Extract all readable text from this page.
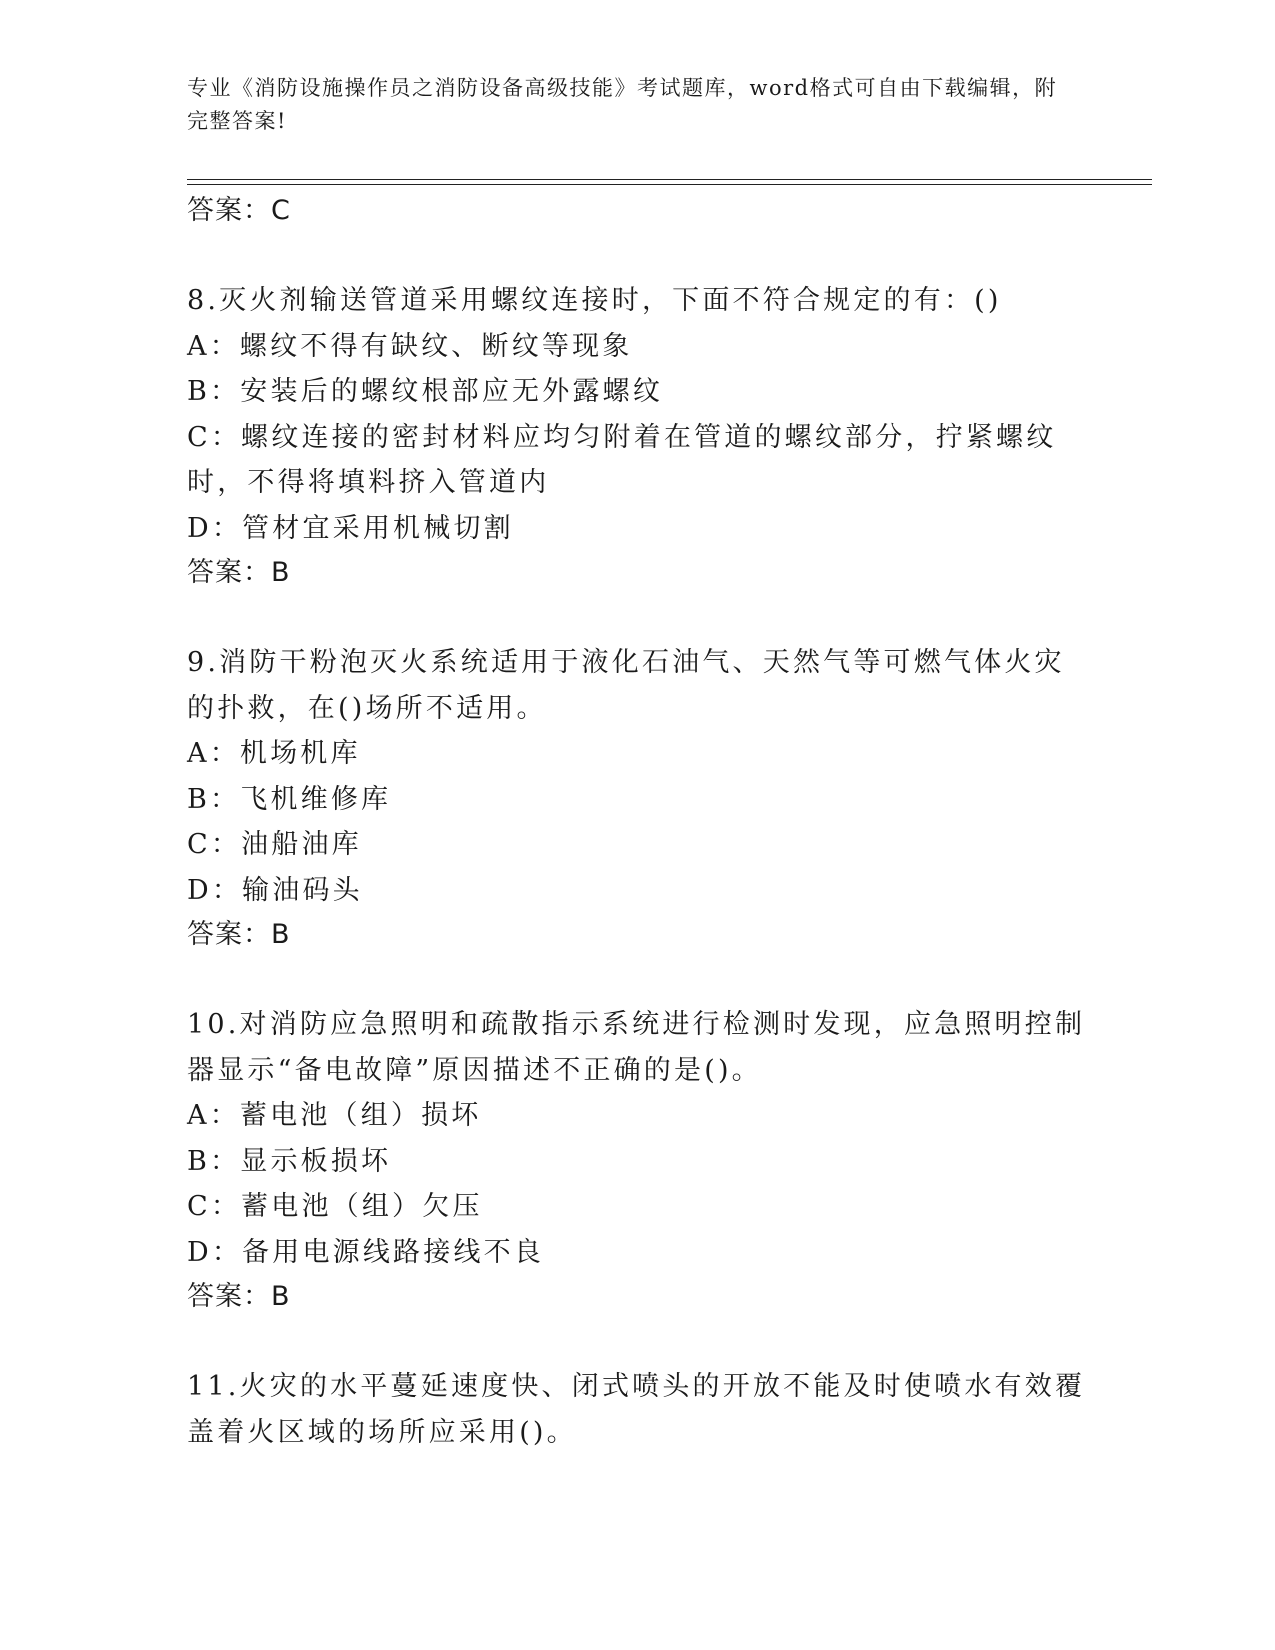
专业《消防设施操作员之消防设备高级技能》考试题库，word格式可自由下载编辑，附完整答案!
答案：C

8.灭火剂输送管道采用螺纹连接时，下面不符合规定的有：()

A：螺纹不得有缺纹、断纹等现象

B：安装后的螺纹根部应无外露螺纹

C：螺纹连接的密封材料应均匀附着在管道的螺纹部分，拧紧螺纹时，不得将填料挤入管道内

D：管材宜采用机械切割

答案：B

9.消防干粉泡灭火系统适用于液化石油气、天然气等可燃气体火灾的扑救，在()场所不适用。

A：机场机库

B：飞机维修库

C：油船油库

D：输油码头

答案：B

10.对消防应急照明和疏散指示系统进行检测时发现，应急照明控制器显示“备电故障”原因描述不正确的是()。

A：蓄电池（组）损坏

B：显示板损坏

C：蓄电池（组）欠压

D：备用电源线路接线不良

答案：B

11.火灾的水平蔓延速度快、闭式喷头的开放不能及时使喷水有效覆盖着火区域的场所应采用()。
